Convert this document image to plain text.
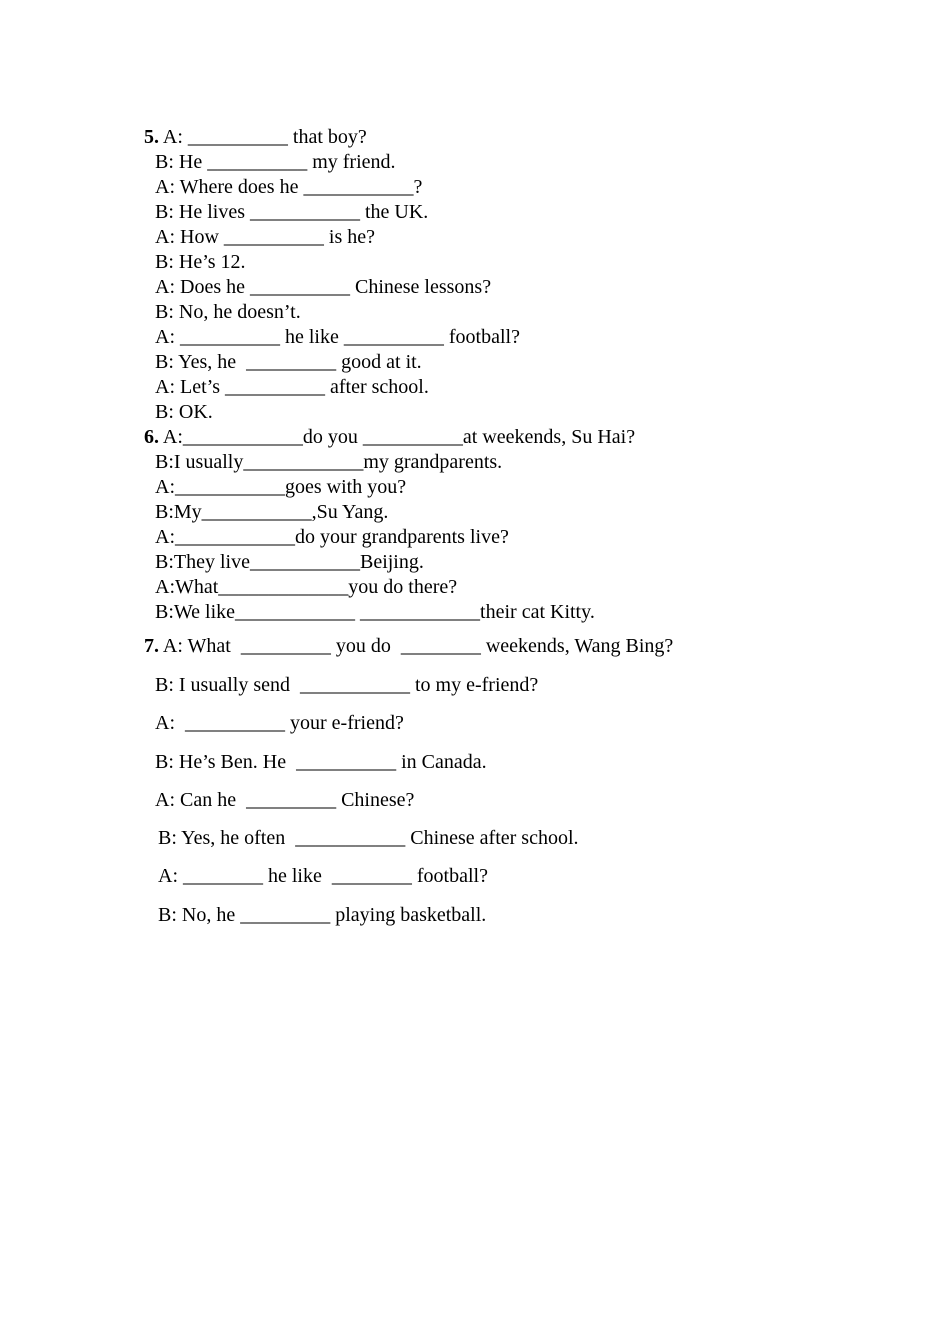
5. A: __________ that boy?
B: He __________ my friend.
A: Where does he ___________?
B: He lives ___________ the UK.
A: How __________ is he?
B: He’s 12.
A: Does he __________ Chinese lessons?
B: No, he doesn’t.
A: __________ he like __________ football?
B: Yes, he  _________ good at it.
A: Let’s __________ after school.
B: OK.
6. A:____________do you __________at weekends, Su Hai?
B:I usually____________my grandparents.
A:___________goes with you?
B:My___________,Su Yang.
A:____________do your grandparents live?
B:They live___________Beijing.
A:What_____________you do there?
B:We like____________ ____________their cat Kitty.
7. A: What  _________ you do  ________ weekends, Wang Bing?
B: I usually send  ___________ to my e-friend?
A:  __________ your e-friend?
B: He’s Ben. He  __________ in Canada.
A: Can he  _________ Chinese?
B: Yes, he often  ___________ Chinese after school.
A: ________ he like  ________ football?
B: No, he _________ playing basketball.
